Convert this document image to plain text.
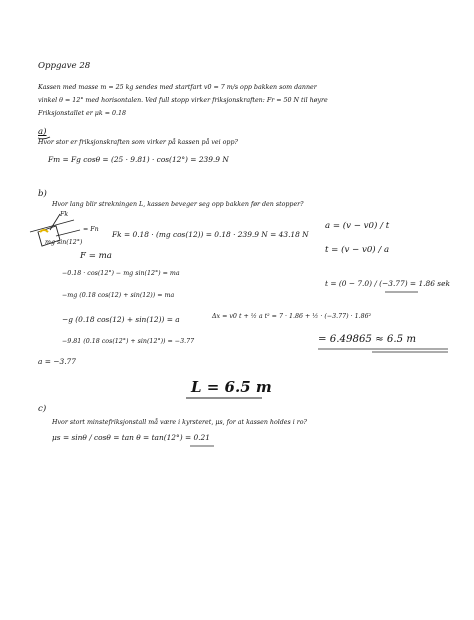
Oppgave 28
Kassen med masse m = 25 kg sendes med startfart v0 = 7 m/s opp bakken som danner
vinkel θ = 12° med horisontalen. Ved full stopp virker friksjonskraften: Fr = 50 N til høyre
Friksjonstallet er μk = 0.18
a)
Hvor stor er friksjonskraften som virker på kassen på vei opp?
Fm = Fg cosθ = (25 · 9.81) · cos(12°) = 239.9 N
b)
Hvor lang blir strekningen L, kassen beveger seg opp bakken før den stopper?
Fk
mg sin(12°)
= Fn
Fk = 0.18 · (mg cos(12)) = 0.18 · 239.9 N = 43.18 N
F = ma
−0.18 · cos(12°) − mg sin(12°) = ma
−mg (0.18 cos(12) + sin(12)) = ma
−g (0.18 cos(12) + sin(12)) = a
−9.81 (0.18 cos(12°) + sin(12°)) = −3.77
a = −3.77
a = (v − v0) / t
t = (v − v0) / a
t = (0 − 7.0) / (−3.77) = 1.86 sek
Δx = v0 t + ½ a t² = 7 · 1.86 + ½ · (−3.77) · 1.86²
= 6.49865 ≈ 6.5 m
L = 6.5 m
c)
Hvor stort minstefriksjonstall må være i kyrsteret, μs, for at kassen holdes i ro?
μs = sinθ / cosθ = tan θ = tan(12°) = 0.21
